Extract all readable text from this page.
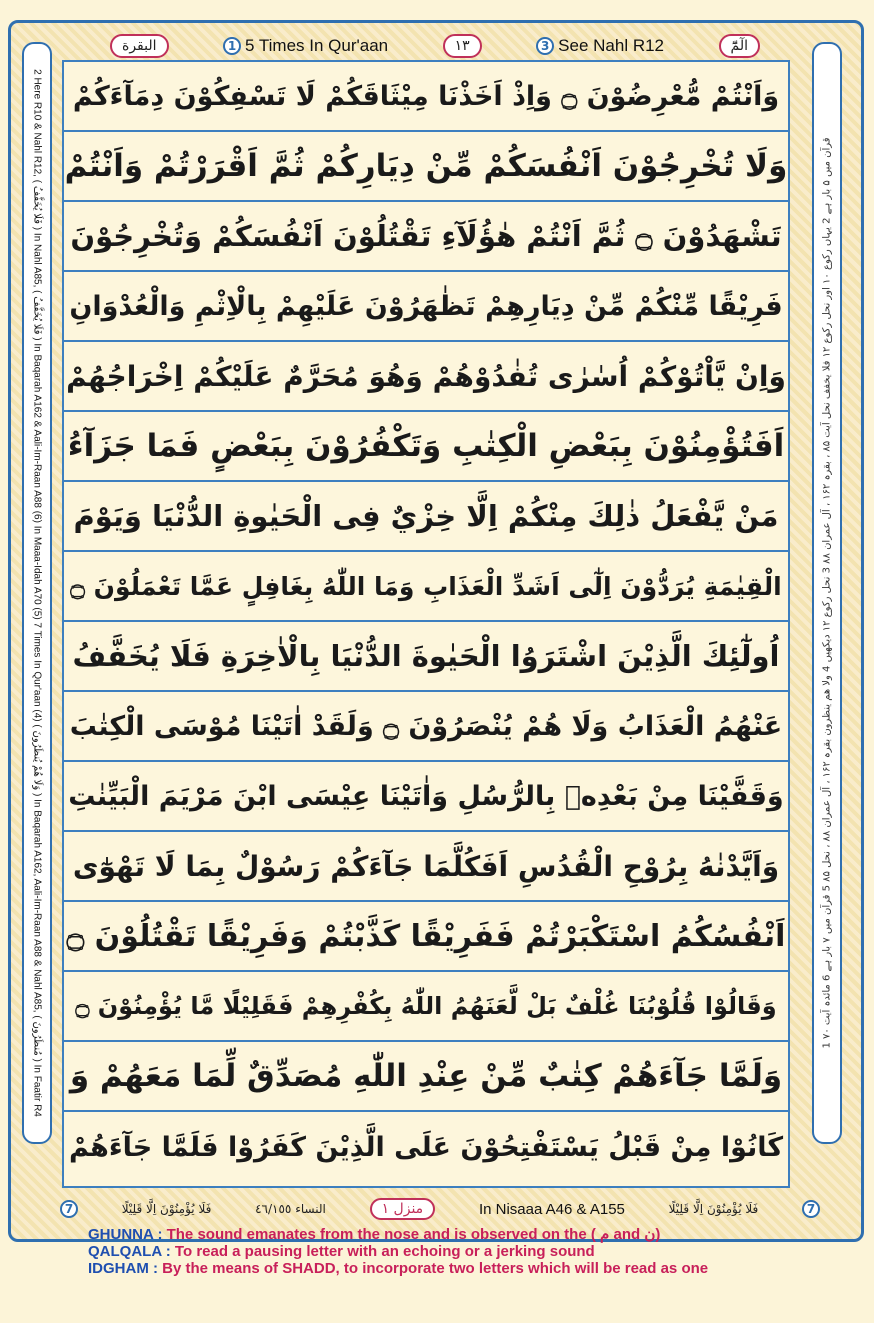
البقرة	1 5 Times In Qur'aan	١٣	3 See Nahl R12	الٓمّٓ
2 Here R10 & Nahl R12, ( فَلَا يُخَفَّفُ ) In Nahl A85, ( فَلَا يُخَفَّفُ ) In Baqarah A162 & Aali-Im-Raan A88 (6) In Maaa-Idah A70 (5) 7 Times In Qur'aan (4) ( وَلَا هُمْ يُنظَرُونَ ) In Baqarah A162, Aali-Im-Raan A88 & Nahl A85, ( مُنظَرُونَ ) In Faatir R4
1 قرآن میں ۵ بار ہے 2 یہاں رکوع ۱۰ اور نحل رکوع ۱۲ فلا یخفف نحل آیت ۸۵ ، بقرہ ۱۶۲ ، آل عمران ۸۸ 3 نحل رکوع ۱۲ دیکھیں 4 ولا ھم ینظرون بقرہ ۱۶۲ ، آل عمران ۸۸ ، نحل ۸۵ 5 قرآن میں ۷ بار ہے 6 مائدہ آیت ۷۰
وَاَنْتُمْ مُّعْرِضُوْنَ ۝ وَاِذْ اَخَذْنَا مِيْثَاقَكُمْ لَا تَسْفِكُوْنَ دِمَآءَكُمْ
وَلَا تُخْرِجُوْنَ اَنْفُسَكُمْ مِّنْ دِيَارِكُمْ ثُمَّ اَقْرَرْتُمْ وَاَنْتُمْ
تَشْهَدُوْنَ ۝ ثُمَّ اَنْتُمْ هٰؤُلَآءِ تَقْتُلُوْنَ اَنْفُسَكُمْ وَتُخْرِجُوْنَ
فَرِيْقًا مِّنْكُمْ مِّنْ دِيَارِهِمْ تَظٰهَرُوْنَ عَلَيْهِمْ بِالْاِثْمِ وَالْعُدْوَانِ
وَاِنْ يَّاْتُوْكُمْ اُسٰرٰى تُفٰدُوْهُمْ وَهُوَ مُحَرَّمٌ عَلَيْكُمْ اِخْرَاجُهُمْ
اَفَتُؤْمِنُوْنَ بِبَعْضِ الْكِتٰبِ وَتَكْفُرُوْنَ بِبَعْضٍ فَمَا جَزَآءُ
مَنْ يَّفْعَلُ ذٰلِكَ مِنْكُمْ اِلَّا خِزْيٌ فِى الْحَيٰوةِ الدُّنْيَا وَيَوْمَ
الْقِيٰمَةِ يُرَدُّوْنَ اِلٰٓى اَشَدِّ الْعَذَابِ وَمَا اللّٰهُ بِغَافِلٍ عَمَّا تَعْمَلُوْنَ ۝
اُولٰٓئِكَ الَّذِيْنَ اشْتَرَوُا الْحَيٰوةَ الدُّنْيَا بِالْاٰخِرَةِ فَلَا يُخَفَّفُ
عَنْهُمُ الْعَذَابُ وَلَا هُمْ يُنْصَرُوْنَ ۝ وَلَقَدْ اٰتَيْنَا مُوْسَى الْكِتٰبَ
وَقَفَّيْنَا مِنْ بَعْدِهٖ بِالرُّسُلِ وَاٰتَيْنَا عِيْسَى ابْنَ مَرْيَمَ الْبَيِّنٰتِ
وَاَيَّدْنٰهُ بِرُوْحِ الْقُدُسِ اَفَكُلَّمَا جَآءَكُمْ رَسُوْلٌ بِمَا لَا تَهْوٰٓى
اَنْفُسُكُمُ اسْتَكْبَرْتُمْ فَفَرِيْقًا كَذَّبْتُمْ وَفَرِيْقًا تَقْتُلُوْنَ ۝
وَقَالُوْا قُلُوْبُنَا غُلْفٌ بَلْ لَّعَنَهُمُ اللّٰهُ بِكُفْرِهِمْ فَقَلِيْلًا مَّا يُؤْمِنُوْنَ ۝
وَلَمَّا جَآءَهُمْ كِتٰبٌ مِّنْ عِنْدِ اللّٰهِ مُصَدِّقٌ لِّمَا مَعَهُمْ وَ
كَانُوْا مِنْ قَبْلُ يَسْتَفْتِحُوْنَ عَلَى الَّذِيْنَ كَفَرُوْا فَلَمَّا جَآءَهُمْ
7	فَلَا يُؤْمِنُوْنَ اِلَّا قَلِيْلًا	النساء ٤٦/١٥٥	منزل ١	In Nisaaa A46 & A155	فَلَا يُؤْمِنُوْنَ اِلَّا قَلِيْلًا	7
GHUNNA : The sound emanates from the nose and is observed on the ( م and ن)
QALQALA : To read a pausing letter with an echoing or a jerking sound
IDGHAM : By the means of SHADD, to incorporate two letters which will be read as one
